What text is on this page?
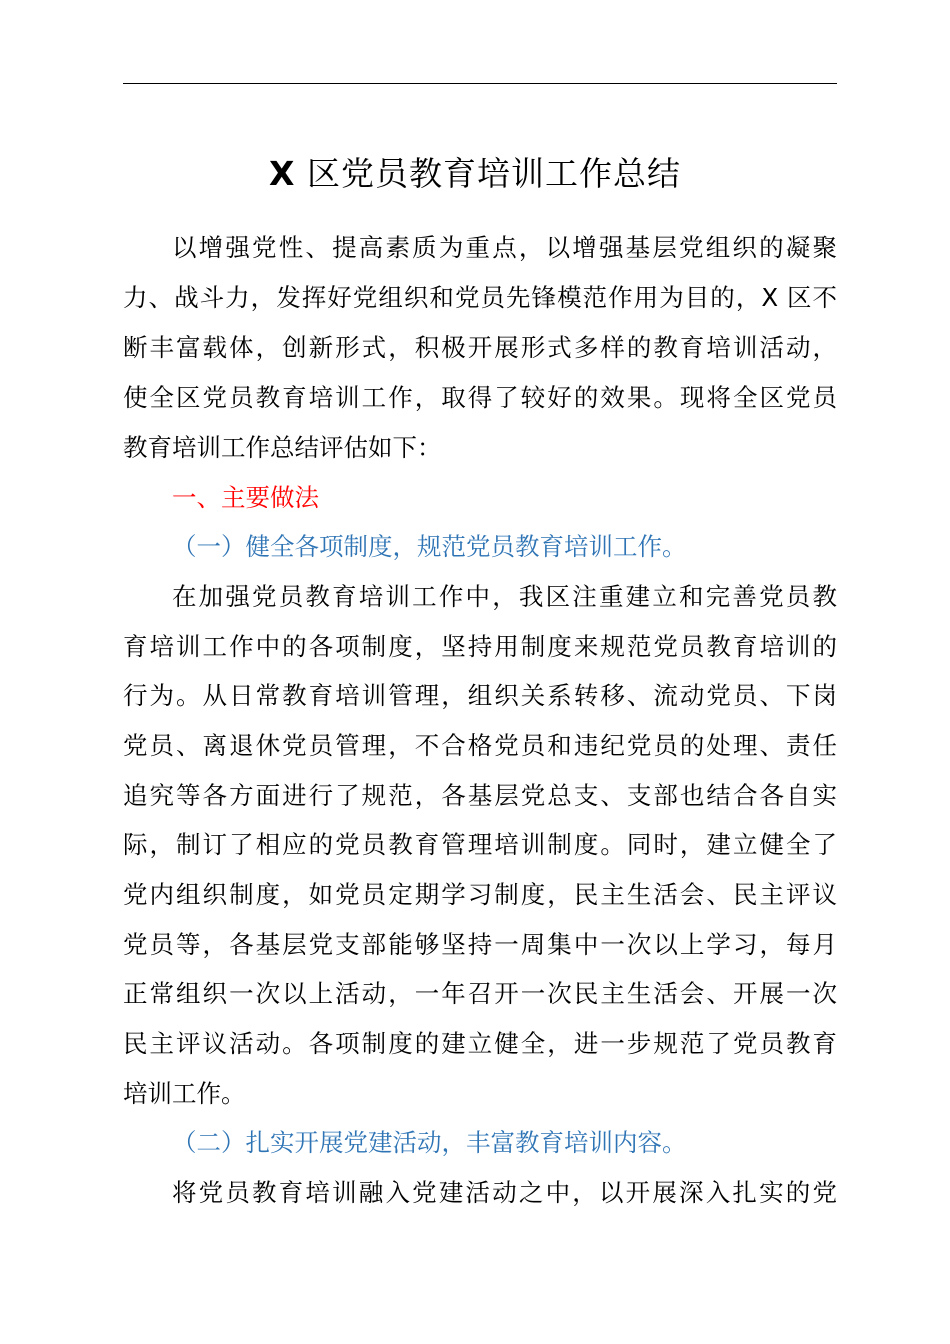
X 区党员教育培训工作总结
以增强党性、提高素质为重点，以增强基层党组织的凝聚
力、战斗力，发挥好党组织和党员先锋模范作用为目的，X 区不
断丰富载体，创新形式，积极开展形式多样的教育培训活动，
使全区党员教育培训工作，取得了较好的效果。现将全区党员
教育培训工作总结评估如下：
一、主要做法
（一）健全各项制度，规范党员教育培训工作。
在加强党员教育培训工作中，我区注重建立和完善党员教
育培训工作中的各项制度，坚持用制度来规范党员教育培训的
行为。从日常教育培训管理，组织关系转移、流动党员、下岗
党员、离退休党员管理，不合格党员和违纪党员的处理、责任
追究等各方面进行了规范，各基层党总支、支部也结合各自实
际，制订了相应的党员教育管理培训制度。同时，建立健全了
党内组织制度，如党员定期学习制度，民主生活会、民主评议
党员等，各基层党支部能够坚持一周集中一次以上学习，每月
正常组织一次以上活动，一年召开一次民主生活会、开展一次
民主评议活动。各项制度的建立健全，进一步规范了党员教育
培训工作。
（二）扎实开展党建活动，丰富教育培训内容。
将党员教育培训融入党建活动之中，以开展深入扎实的党
